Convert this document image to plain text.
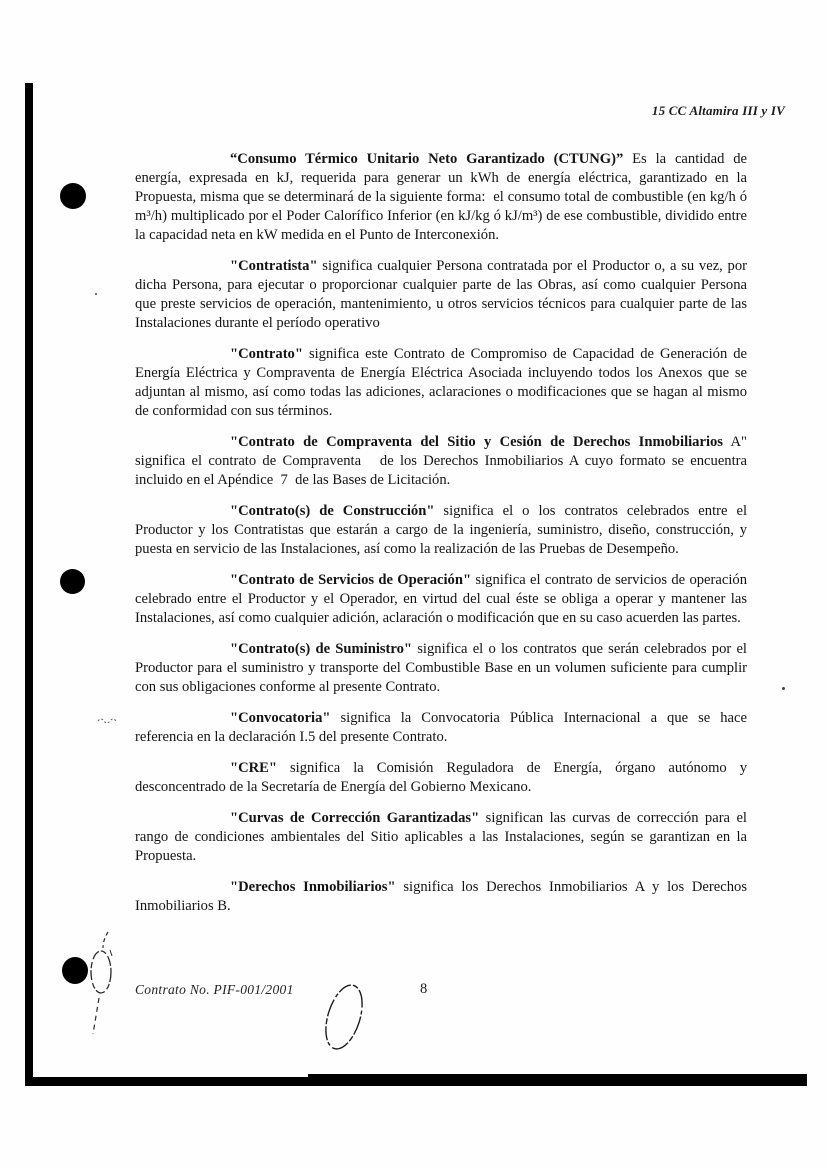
15 CC Altamira III y IV

“Consumo Térmico Unitario Neto Garantizado (CTUNG)” Es la cantidad de energía, expresada en kJ, requerida para generar un kWh de energía eléctrica, garantizado en la Propuesta, misma que se determinará de la siguiente forma:  el consumo total de combustible (en kg/h ó m³/h) multiplicado por el Poder Calorífico Inferior (en kJ/kg ó kJ/m³) de ese combustible, dividido entre la capacidad neta en kW medida en el Punto de Interconexión.

"Contratista" significa cualquier Persona contratada por el Productor o, a su vez, por dicha Persona, para ejecutar o proporcionar cualquier parte de las Obras, así como cualquier Persona que preste servicios de operación, mantenimiento, u otros servicios técnicos para cualquier parte de las Instalaciones durante el período operativo

"Contrato" significa este Contrato de Compromiso de Capacidad de Generación de Energía Eléctrica y Compraventa de Energía Eléctrica Asociada incluyendo todos los Anexos que se adjuntan al mismo, así como todas las adiciones, aclaraciones o modificaciones que se hagan al mismo de conformidad con sus términos.

"Contrato de Compraventa del Sitio y Cesión de Derechos Inmobiliarios A" significa el contrato de Compraventa   de los Derechos Inmobiliarios A cuyo formato se encuentra incluido en el Apéndice  7  de las Bases de Licitación.

"Contrato(s) de Construcción" significa el o los contratos celebrados entre el Productor y los Contratistas que estarán a cargo de la ingeniería, suministro, diseño, construcción, y puesta en servicio de las Instalaciones, así como la realización de las Pruebas de Desempeño.

"Contrato de Servicios de Operación" significa el contrato de servicios de operación celebrado entre el Productor y el Operador, en virtud del cual éste se obliga a operar y mantener las Instalaciones, así como cualquier adición, aclaración o modificación que en su caso acuerden las partes.

"Contrato(s) de Suministro" significa el o los contratos que serán celebrados por el Productor para el suministro y transporte del Combustible Base en un volumen suficiente para cumplir con sus obligaciones conforme al presente Contrato.

"Convocatoria" significa la Convocatoria Pública Internacional a que se hace referencia en la declaración I.5 del presente Contrato.

"CRE" significa la Comisión Reguladora de Energía, órgano autónomo y desconcentrado de la Secretaría de Energía del Gobierno Mexicano.

"Curvas de Corrección Garantizadas" significan las curvas de corrección para el rango de condiciones ambientales del Sitio aplicables a las Instalaciones, según se garantizan en la Propuesta.

"Derechos Inmobiliarios" significa los Derechos Inmobiliarios A y los Derechos Inmobiliarios B.

Contrato No. PIF-001/2001	8
